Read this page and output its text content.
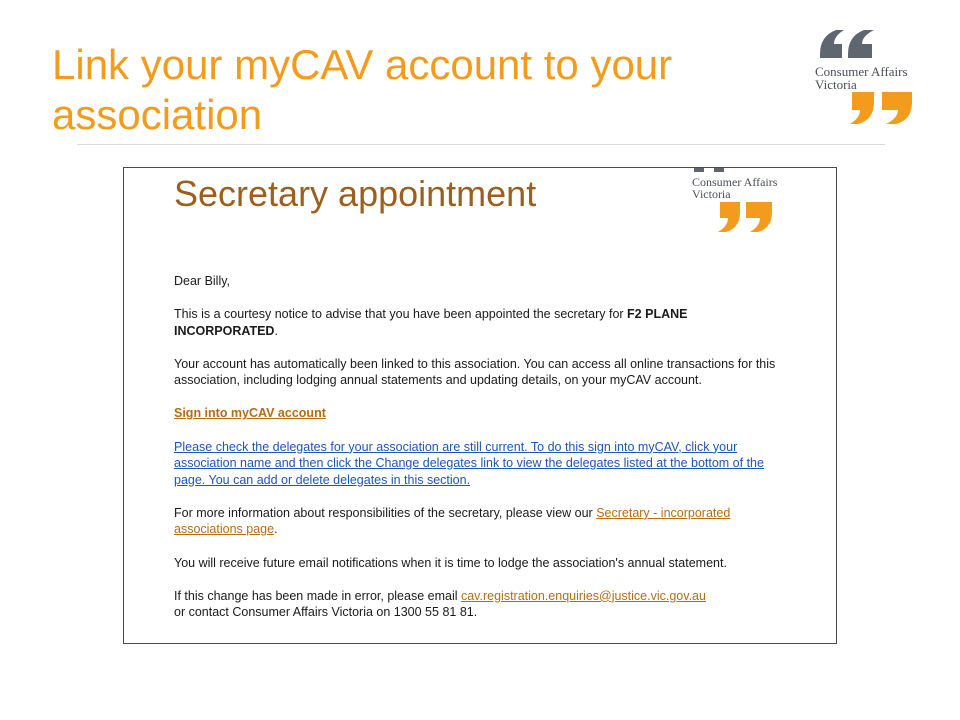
Link your myCAV account to your
association
Consumer Affairs
Victoria
Secretary appointment	Consumer Affairs
Victoria

Dear Billy,

This is a courtesy notice to advise that you have been appointed the secretary for F2 PLANE INCORPORATED.

Your account has automatically been linked to this association. You can access all online transactions for this association, including lodging annual statements and updating details, on your myCAV account.

Sign into myCAV account

Please check the delegates for your association are still current. To do this sign into myCAV, click your association name and then click the Change delegates link to view the delegates listed at the bottom of the page. You can add or delete delegates in this section.

For more information about responsibilities of the secretary, please view our Secretary - incorporated associations page.

You will receive future email notifications when it is time to lodge the association's annual statement.

If this change has been made in error, please email cav.registration.enquiries@justice.vic.gov.au
or contact Consumer Affairs Victoria on 1300 55 81 81.
